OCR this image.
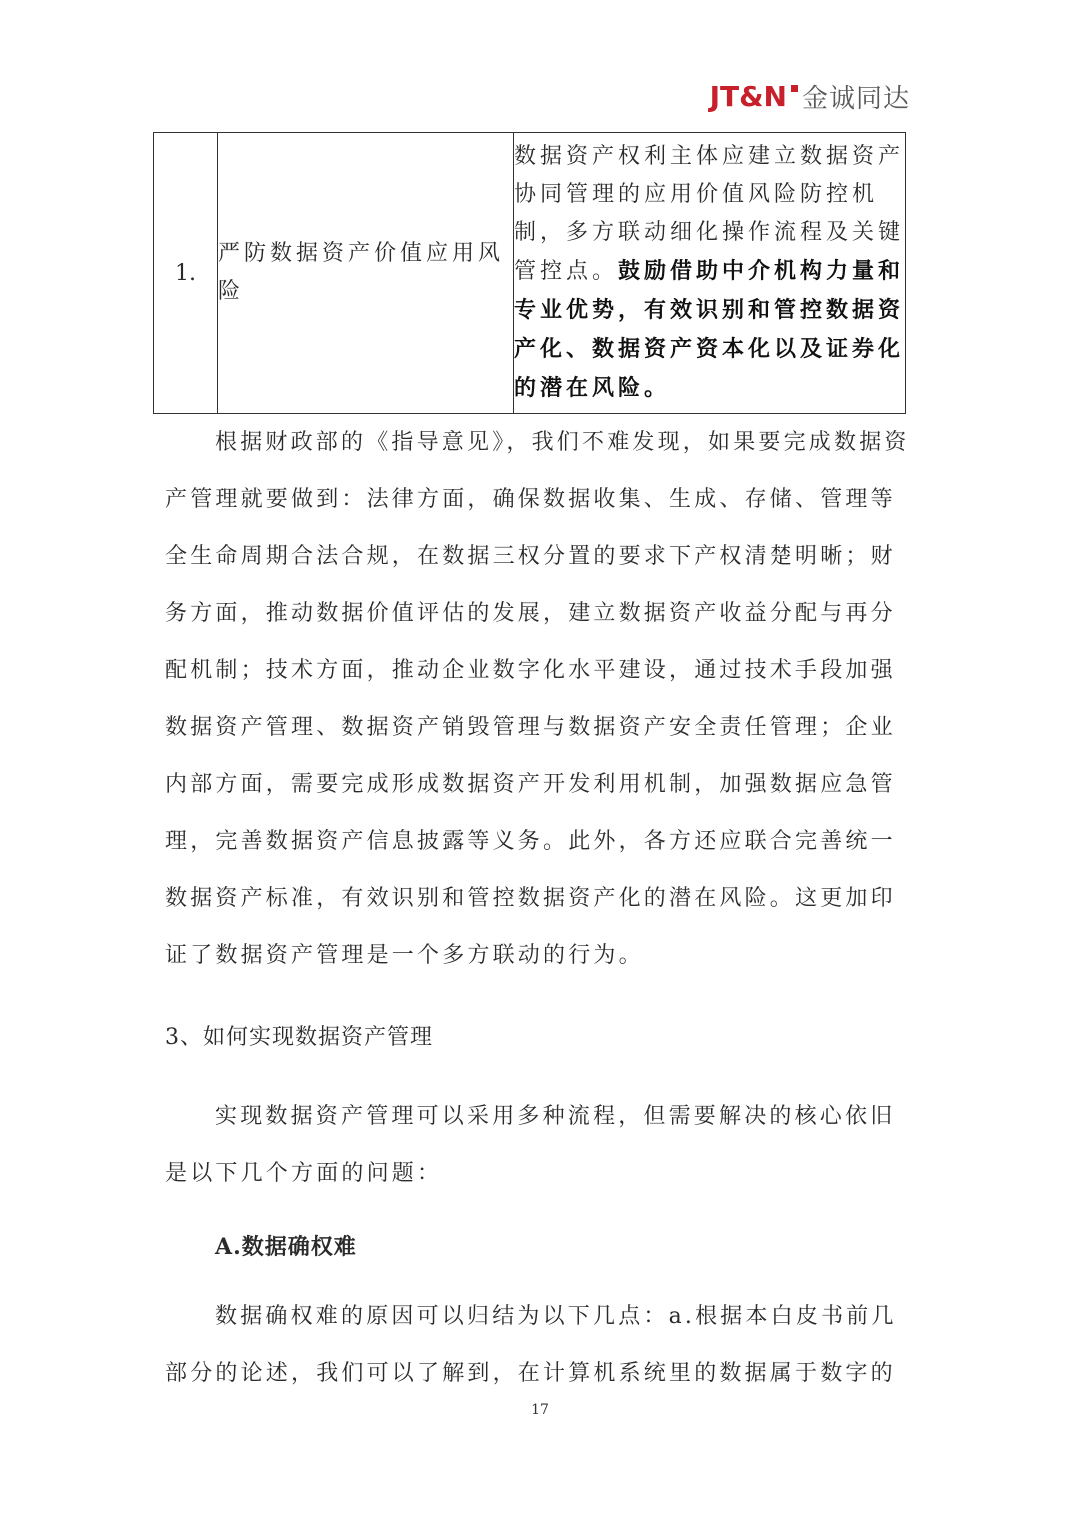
JT&N 金诚同达
1.	严防数据资产价值应用风险	数据资产权利主体应建立数据资产协同管理的应用价值风险防控机制，多方联动细化操作流程及关键管控点。鼓励借助中介机构力量和专业优势，有效识别和管控数据资产化、数据资产资本化以及证券化的潜在风险。

根据财政部的《指导意见》，我们不难发现，如果要完成数据资产管理就要做到：法律方面，确保数据收集、生成、存储、管理等全生命周期合法合规，在数据三权分置的要求下产权清楚明晰；财务方面，推动数据价值评估的发展，建立数据资产收益分配与再分配机制；技术方面，推动企业数字化水平建设，通过技术手段加强数据资产管理、数据资产销毁管理与数据资产安全责任管理；企业内部方面，需要完成形成数据资产开发利用机制，加强数据应急管理，完善数据资产信息披露等义务。此外，各方还应联合完善统一数据资产标准，有效识别和管控数据资产化的潜在风险。这更加印证了数据资产管理是一个多方联动的行为。

3、如何实现数据资产管理

实现数据资产管理可以采用多种流程，但需要解决的核心依旧是以下几个方面的问题：

A.数据确权难

数据确权难的原因可以归结为以下几点：a.根据本白皮书前几部分的论述，我们可以了解到，在计算机系统里的数据属于数字的

17
